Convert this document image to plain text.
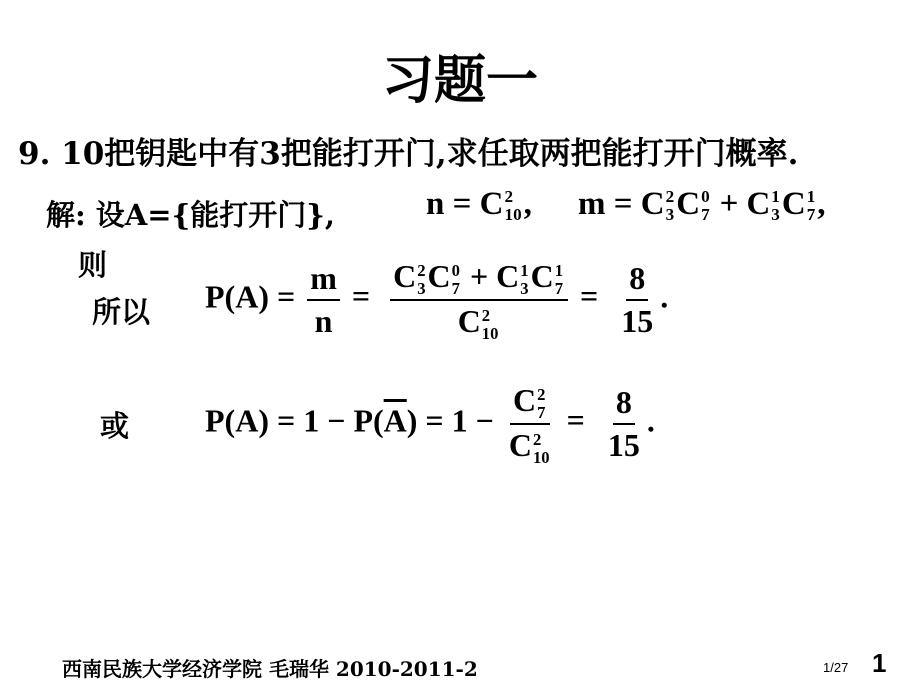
习题一
9. 10把钥匙中有3把能打开门,求任取两把能打开门概率.
解: 设A={能打开门},	n = C 2
10 , m = C 2
3 C 0
7 + C 1
3 C 1
7 ,
则
所以 $P(A) = \frac{m}{n} = C$ 2
3 C 0
7 + C 1
3 C 1
7
C 2
$10 = \frac{8}{15}$ .
或 $P(A) = 1 - P(\overline{A}) = 1 - C$ 2
7
C 2
$10 = \frac{8}{15}$ .
西南民族大学经济学院 毛瑞华 2010-2011-2	1/27 1
